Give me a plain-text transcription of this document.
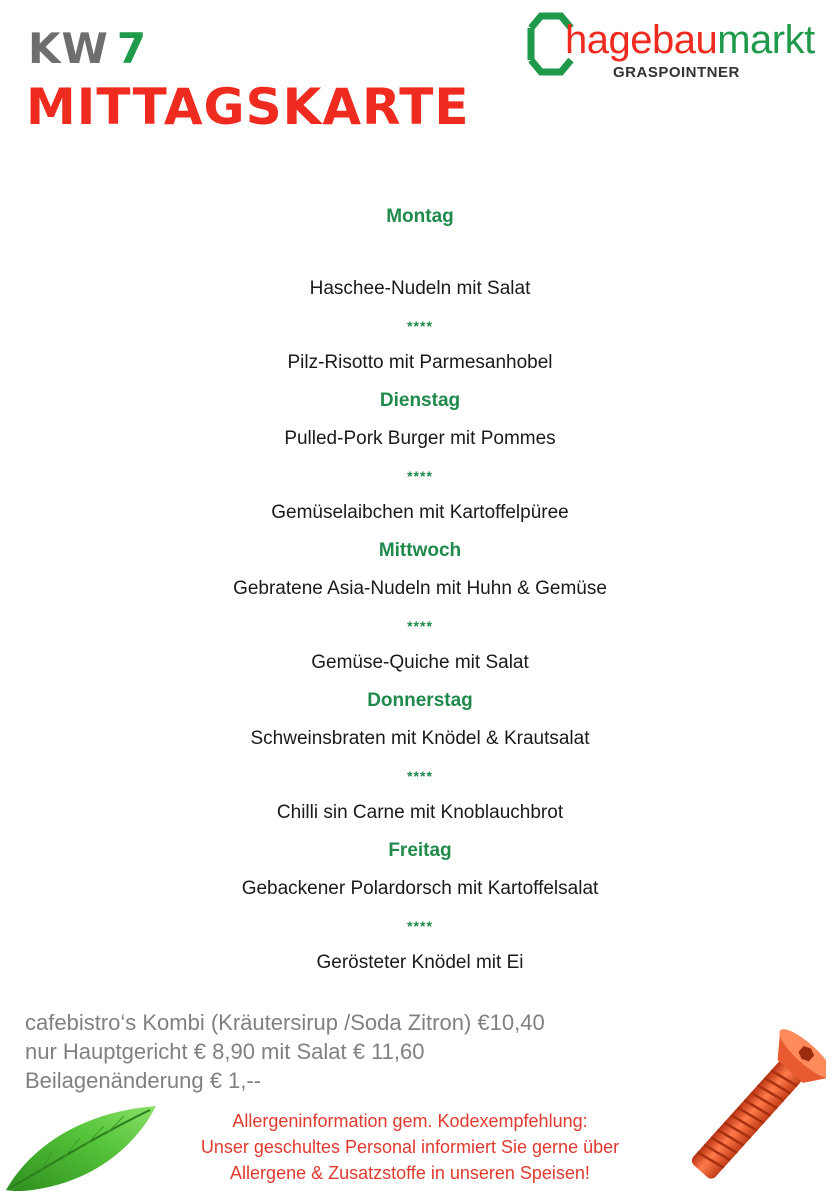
KW 7
MITTAGSKARTE
hagebaumarkt
GRASPOINTNER
Montag
Haschee-Nudeln mit Salat
****
Pilz-Risotto mit Parmesanhobel
Dienstag
Pulled-Pork Burger mit Pommes
****
Gemüselaibchen mit Kartoffelpüree
Mittwoch
Gebratene Asia-Nudeln mit Huhn & Gemüse
****
Gemüse-Quiche mit Salat
Donnerstag
Schweinsbraten mit Knödel & Krautsalat
****
Chilli sin Carne mit Knoblauchbrot
Freitag
Gebackener Polardorsch mit Kartoffelsalat
****
Gerösteter Knödel mit Ei
cafebistro‘s Kombi (Kräutersirup /Soda Zitron) €10,40
nur Hauptgericht € 8,90 mit Salat € 11,60
Beilagenänderung € 1,--
Allergeninformation gem. Kodexempfehlung:
Unser geschultes Personal informiert Sie gerne über
Allergene & Zusatzstoffe in unseren Speisen!
